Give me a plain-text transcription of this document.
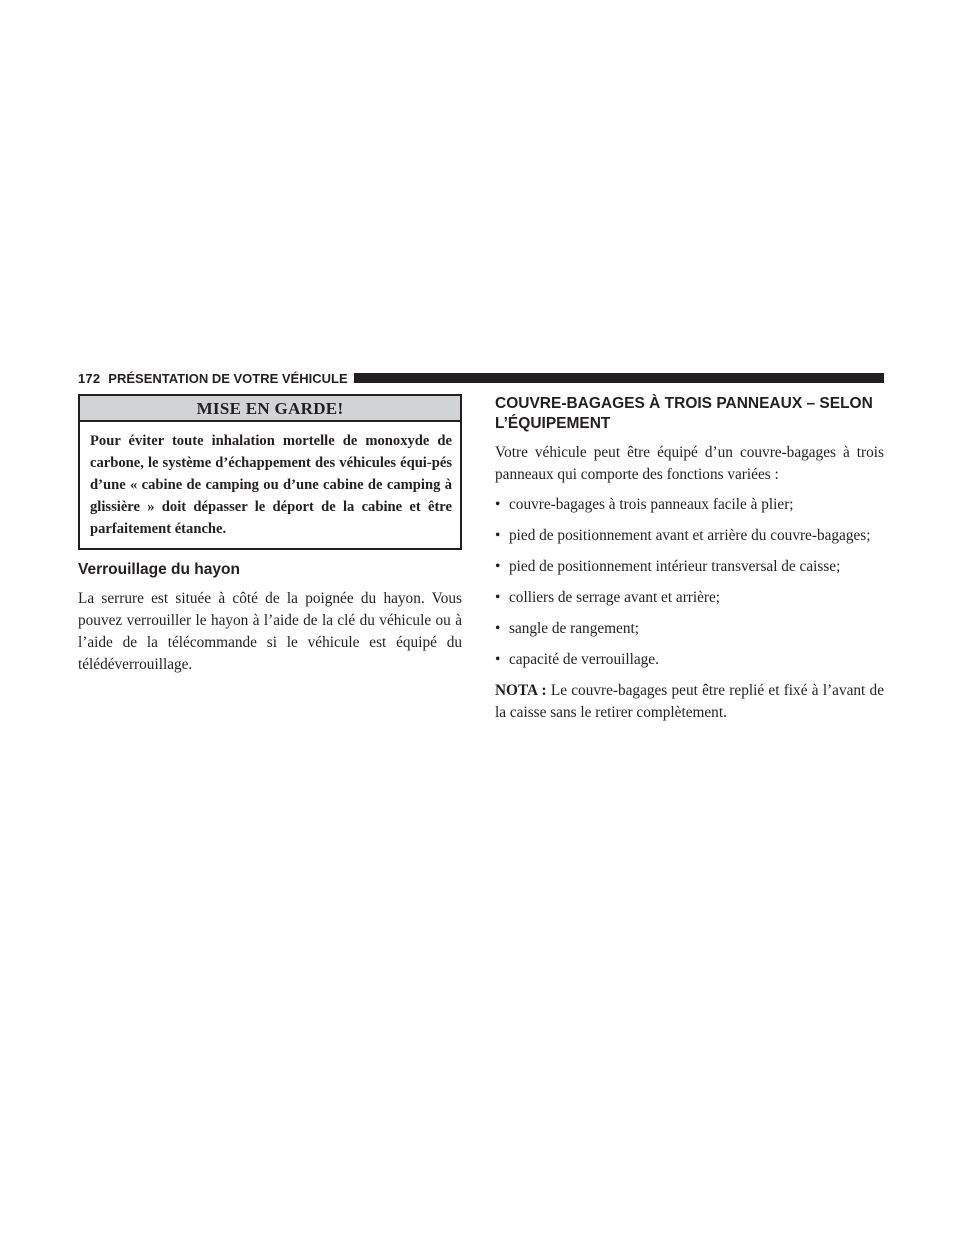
172 PRÉSENTATION DE VOTRE VÉHICULE
MISE EN GARDE!
Pour éviter toute inhalation mortelle de monoxyde de carbone, le système d’échappement des véhicules équi-pés d’une « cabine de camping ou d’une cabine de camping à glissière » doit dépasser le déport de la cabine et être parfaitement étanche.
Verrouillage du hayon

La serrure est située à côté de la poignée du hayon. Vous pouvez verrouiller le hayon à l’aide de la clé du véhicule ou à l’aide de la télécommande si le véhicule est équipé du télédéverrouillage.

COUVRE-BAGAGES À TROIS PANNEAUX – SELON L’ÉQUIPEMENT

Votre véhicule peut être équipé d’un couvre-bagages à trois panneaux qui comporte des fonctions variées :

• couvre-bagages à trois panneaux facile à plier;
• pied de positionnement avant et arrière du couvre-bagages;
• pied de positionnement intérieur transversal de caisse;
• colliers de serrage avant et arrière;
• sangle de rangement;
• capacité de verrouillage.

NOTA : Le couvre-bagages peut être replié et fixé à l’avant de la caisse sans le retirer complètement.
